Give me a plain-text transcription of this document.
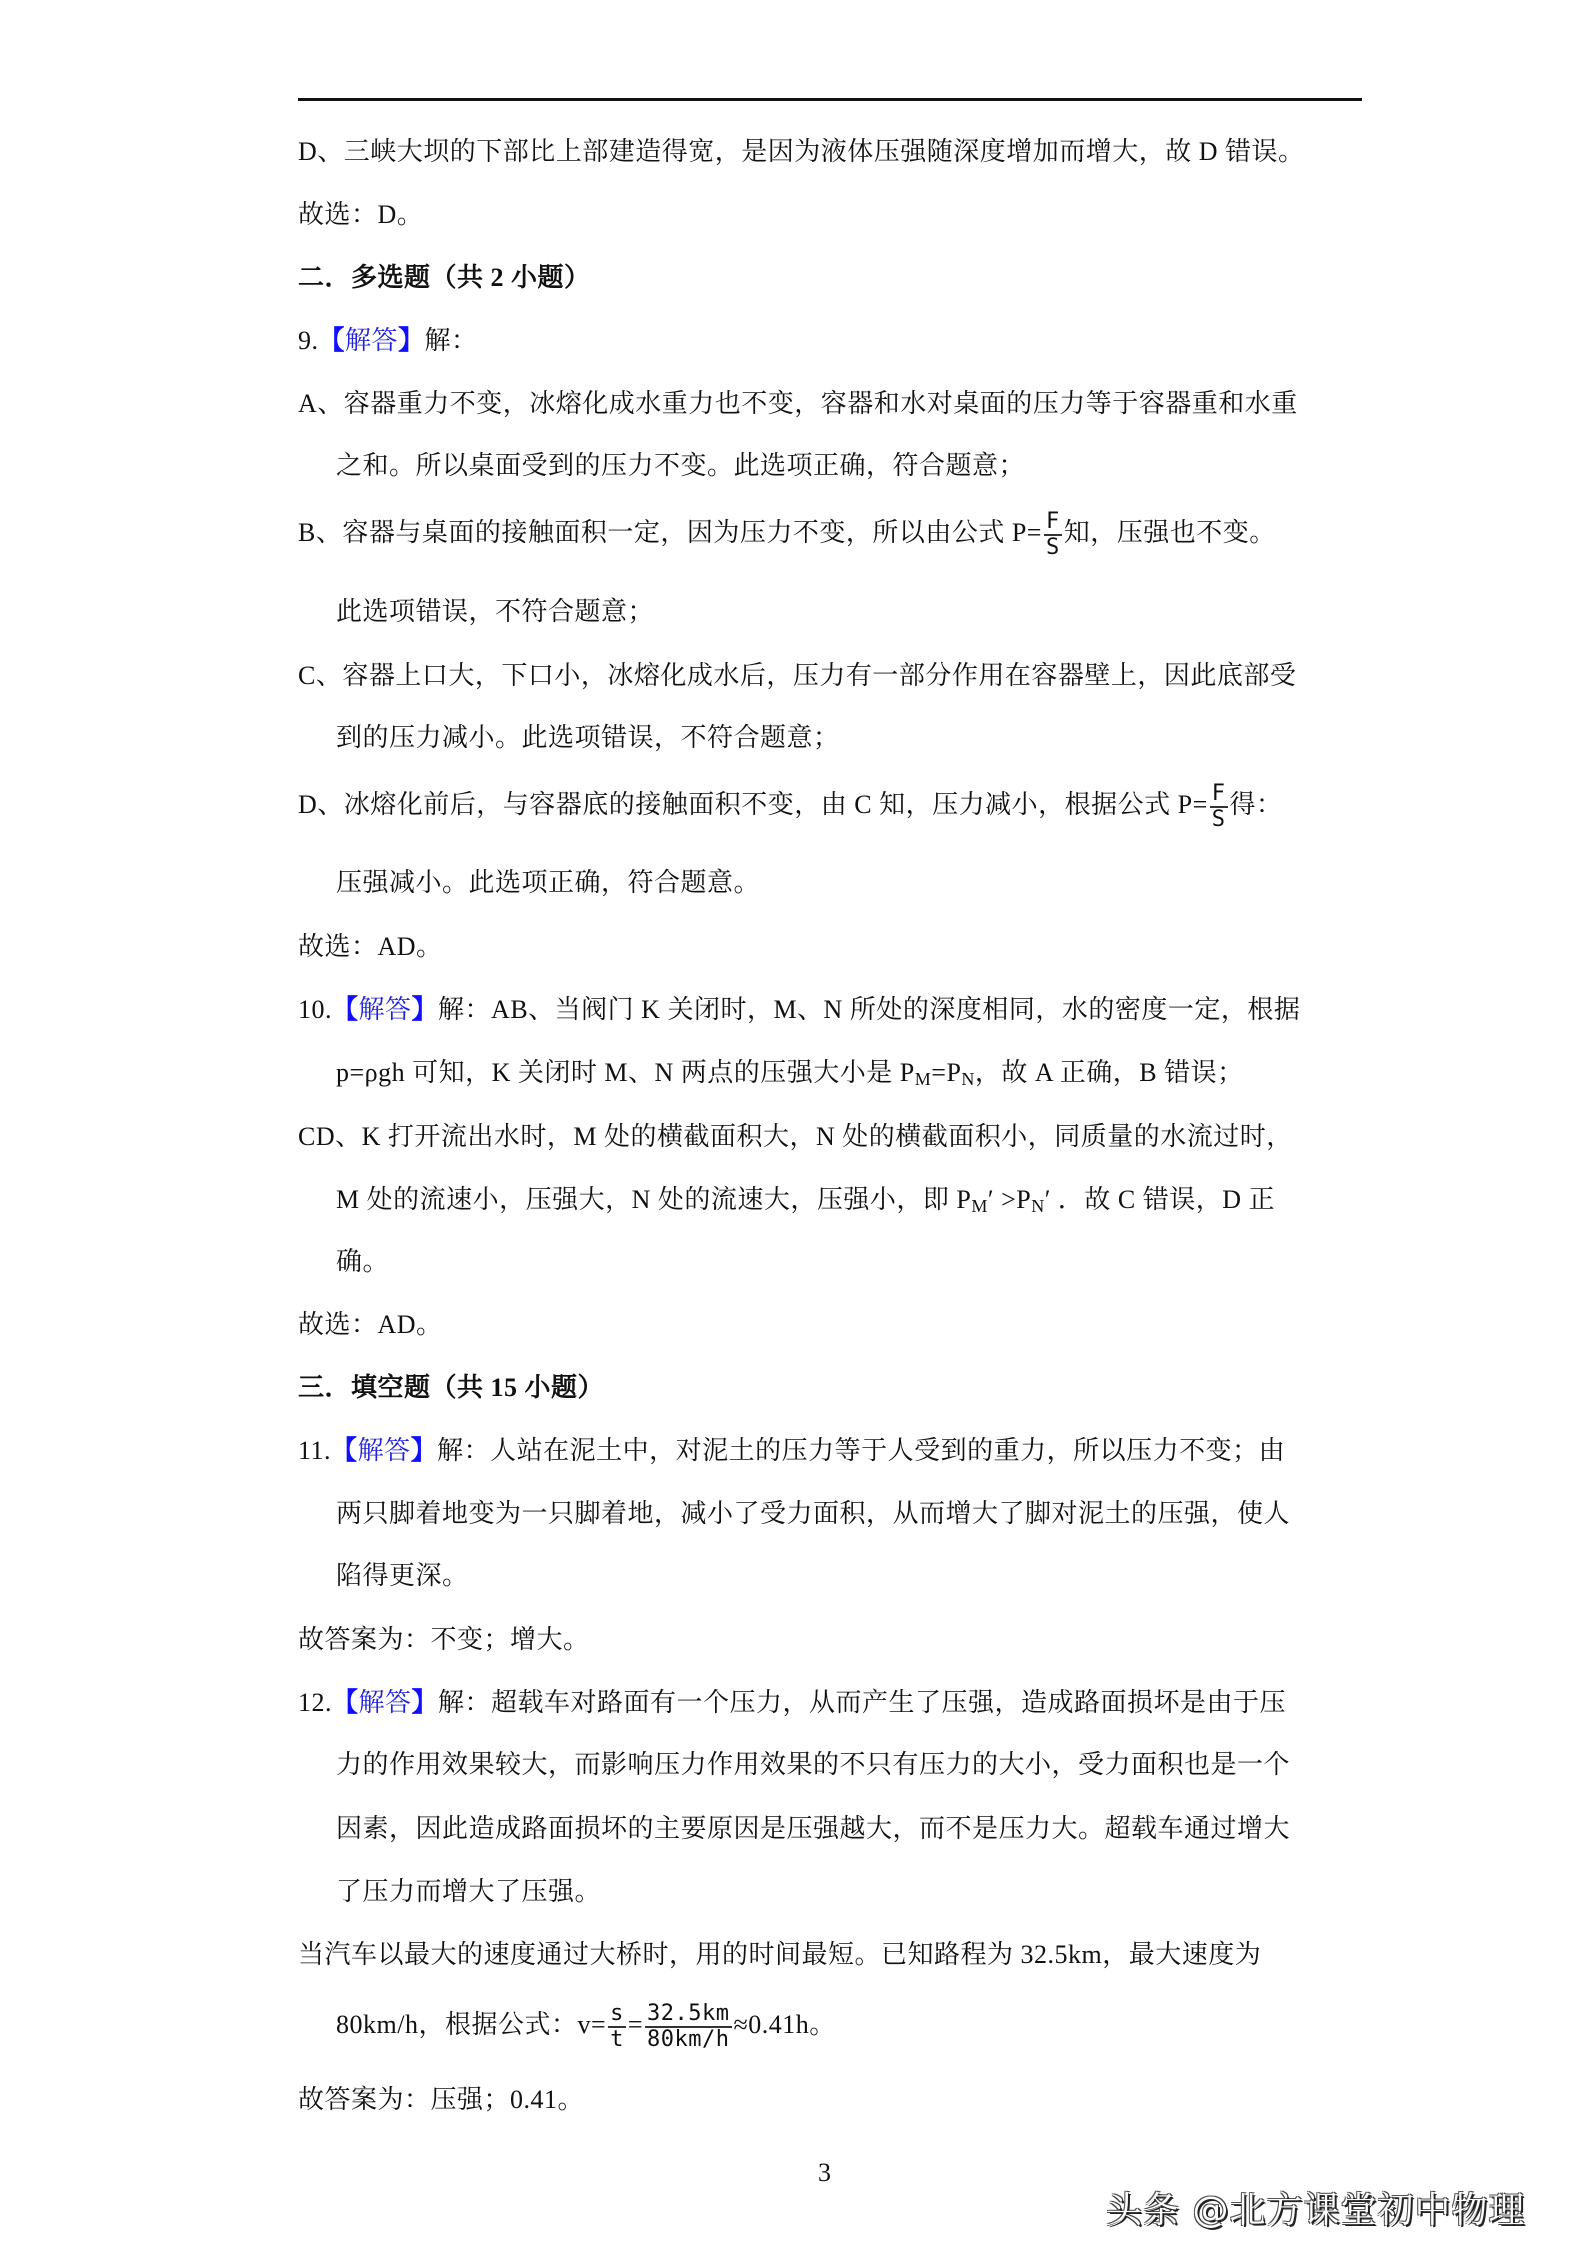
D、三峡大坝的下部比上部建造得宽，是因为液体压强随深度增加而增大，故 D 错误。
故选：D。
二．多选题（共 2 小题）
9.【解答】解：
A、容器重力不变，冰熔化成水重力也不变，容器和水对桌面的压力等于容器重和水重
之和。所以桌面受到的压力不变。此选项正确，符合题意；
B、容器与桌面的接触面积一定，因为压力不变，所以由公式 $P= \frac{F}{S}$ 知，压强也不变。
此选项错误，不符合题意；
C、容器上口大，下口小，冰熔化成水后，压力有一部分作用在容器壁上，因此底部受
到的压力减小。此选项错误，不符合题意；
D、冰熔化前后，与容器底的接触面积不变，由 C 知，压力减小，根据公式 $P= \frac{F}{S}$ 得：
压强减小。此选项正确，符合题意。
故选：AD。
10.【解答】解：AB、当阀门 K 关闭时，M、N 所处的深度相同，水的密度一定，根据
p=ρgh 可知，K 关闭时 M、N 两点的压强大小是 $P_M=P_N$，故 A 正确，B 错误；
CD、K 打开流出水时，M 处的横截面积大，N 处的横截面积小，同质量的水流过时，
M 处的流速小，压强大，N 处的流速大，压强小，即 $P_M' >P_N'$ ．故 C 错误，D 正
确。
故选：AD。
三．填空题（共 15 小题）
11.【解答】解：人站在泥土中，对泥土的压力等于人受到的重力，所以压力不变；由
两只脚着地变为一只脚着地，减小了受力面积，从而增大了脚对泥土的压强，使人
陷得更深。
故答案为：不变；增大。
12.【解答】解：超载车对路面有一个压力，从而产生了压强，造成路面损坏是由于压
力的作用效果较大，而影响压力作用效果的不只有压力的大小，受力面积也是一个
因素，因此造成路面损坏的主要原因是压强越大，而不是压力大。超载车通过增大
了压力而增大了压强。
当汽车以最大的速度通过大桥时，用的时间最短。已知路程为 32.5km，最大速度为
80km/h，根据公式：$v= \frac{s}{t} = \frac{32.5km}{80km/h} \approx 0.41h$。
故答案为：压强；0.41。
3
头条 @北方课堂初中物理
